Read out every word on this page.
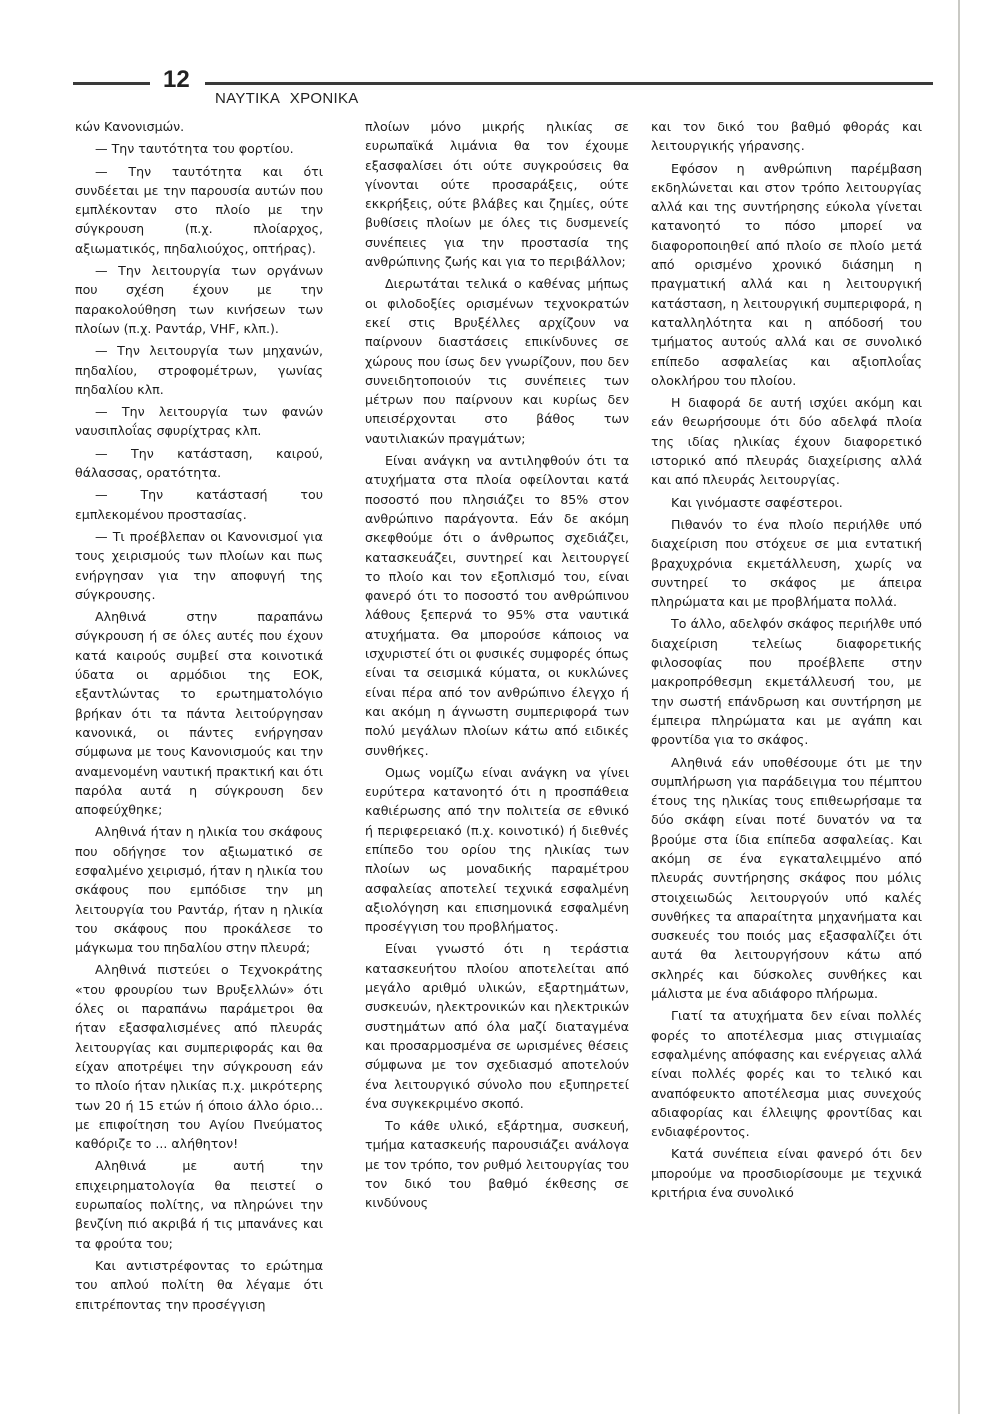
12
ΝΑΥΤΙΚΑ ΧΡΟΝΙΚΑ

κών Κανονισμών.

— Την ταυτότητα του φορτίου.

— Την ταυτότητα και ότι συνδέεται με την παρουσία αυτών που εμπλέκονταν στο πλοίο με την σύγκρουση (π.χ. πλοίαρχος, αξιωματικός, πηδαλιούχος, οπτήρας).

— Την λειτουργία των οργάνων που σχέση έχουν με την παρακολούθηση των κινήσεων των πλοίων (π.χ. Ραντάρ, VHF, κλπ.).

— Την λειτουργία των μηχανών, πηδαλίου, στροφομέτρων, γωνίας πηδαλίου κλπ.

— Την λειτουργία των φανών ναυσιπλοΐας σφυρίχτρας κλπ.

— Την κατάσταση, καιρού, θάλασσας, ορατότητα.

— Την κατάστασή του εμπλεκομένου προστασίας.

— Τι προέβλεπαν οι Κανονισμοί για τους χειρισμούς των πλοίων και πως ενήργησαν για την αποφυγή της σύγκρουσης.

Αληθινά στην παραπάνω σύγκρουση ή σε όλες αυτές που έχουν κατά καιρούς συμβεί στα κοινοτικά ύδατα οι αρμόδιοι της ΕΟΚ, εξαντλώντας το ερωτηματολόγιο βρήκαν ότι τα πάντα λειτούργησαν κανονικά, οι πάντες ενήργησαν σύμφωνα με τους Κανονισμούς και την αναμενομένη ναυτική πρακτική και ότι παρόλα αυτά η σύγκρουση δεν αποφεύχθηκε;

Αληθινά ήταν η ηλικία του σκάφους που οδήγησε τον αξιωματικό σε εσφαλμένο χειρισμό, ήταν η ηλικία του σκάφους που εμπόδισε την μη λειτουργία του Ραντάρ, ήταν η ηλικία του σκάφους που προκάλεσε το μάγκωμα του πηδαλίου στην πλευρά;

Αληθινά πιστεύει ο Τεχνοκράτης «του φρουρίου των Βρυξελλών» ότι όλες οι παραπάνω παράμετροι θα ήταν εξασφαλισμένες από πλευράς λειτουργίας και συμπεριφοράς και θα είχαν αποτρέψει την σύγκρουση εάν το πλοίο ήταν ηλικίας π.χ. μικρότερης των 20 ή 15 ετών ή όποιο άλλο όριο... με επιφοίτηση του Αγίου Πνεύματος καθόριζε το ... αλήθητον!

Αληθινά με αυτή την επιχειρηματολογία θα πειστεί ο ευρωπαίος πολίτης, να πληρώνει την βενζίνη πιό ακριβά ή τις μπανάνες και τα φρούτα του;

Και αντιστρέφοντας το ερώτημα του απλού πολίτη θα λέγαμε ότι επιτρέποντας την προσέγγιση

πλοίων μόνο μικρής ηλικίας σε ευρωπαϊκά λιμάνια θα τον έχουμε εξασφαλίσει ότι ούτε συγκρούσεις θα γίνονται ούτε προσαράξεις, ούτε εκκρήξεις, ούτε βλάβες και ζημίες, ούτε βυθίσεις πλοίων με όλες τις δυσμενείς συνέπειες για την προστασία της ανθρώπινης ζωής και για το περιβάλλον;

Διερωτάται τελικά ο καθένας μήπως οι φιλοδοξίες ορισμένων τεχνοκρατών εκεί στις Βρυξέλλες αρχίζουν να παίρνουν διαστάσεις επικίνδυνες σε χώρους που ίσως δεν γνωρίζουν, που δεν συνειδητοποιούν τις συνέπειες των μέτρων που παίρνουν και κυρίως δεν υπεισέρχονται στο βάθος των ναυτιλιακών πραγμάτων;

Είναι ανάγκη να αντιληφθούν ότι τα ατυχήματα στα πλοία οφείλονται κατά ποσοστό που πλησιάζει το 85% στον ανθρώπινο παράγοντα. Εάν δε ακόμη σκεφθούμε ότι ο άνθρωπος σχεδιάζει, κατασκευάζει, συντηρεί και λειτουργεί το πλοίο και τον εξοπλισμό του, είναι φανερό ότι το ποσοστό του ανθρώπινου λάθους ξεπερνά το 95% στα ναυτικά ατυχήματα. Θα μπορούσε κάποιος να ισχυριστεί ότι οι φυσικές συμφορές όπως είναι τα σεισμικά κύματα, οι κυκλώνες είναι πέρα από τον ανθρώπινο έλεγχο ή και ακόμη η άγνωστη συμπεριφορά των πολύ μεγάλων πλοίων κάτω από ειδικές συνθήκες.

Ομως νομίζω είναι ανάγκη να γίνει ευρύτερα κατανοητό ότι η προσπάθεια καθιέρωσης από την πολιτεία σε εθνικό ή περιφερειακό (π.χ. κοινοτικό) ή διεθνές επίπεδο του ορίου της ηλικίας των πλοίων ως μοναδικής παραμέτρου ασφαλείας αποτελεί τεχνικά εσφαλμένη αξιολόγηση και επισημονικά εσφαλμένη προσέγγιση του προβλήματος.

Είναι γνωστό ότι η τεράστια κατασκευήτου πλοίου αποτελείται από μεγάλο αριθμό υλικών, εξαρτημάτων, συσκευών, ηλεκτρονικών και ηλεκτρικών συστημάτων από όλα μαζί διαταγμένα και προσαρμοσμένα σε ωρισμένες θέσεις σύμφωνα με τον σχεδιασμό αποτελούν ένα λειτουργικό σύνολο που εξυπηρετεί ένα συγκεκριμένο σκοπό.

Το κάθε υλικό, εξάρτημα, συσκευή, τμήμα κατασκευής παρουσιάζει ανάλογα με τον τρόπο, τον ρυθμό λειτουργίας του τον δικό του βαθμό έκθεσης σε κινδύνους

και τον δικό του βαθμό φθοράς και λειτουργικής γήρανσης.

Εφόσον η ανθρώπινη παρέμβαση εκδηλώνεται και στον τρόπο λειτουργίας αλλά και της συντήρησης εύκολα γίνεται κατανοητό το πόσο μπορεί να διαφοροποιηθεί από πλοίο σε πλοίο μετά από ορισμένο χρονικό διάσημη η πραγματική αλλά και η λειτουργική κατάσταση, η λειτουργική συμπεριφορά, η καταλληλότητα και η απόδοσή του τμήματος αυτούς αλλά και σε συνολικό επίπεδο ασφαλείας και αξιοπλοΐας ολοκλήρου του πλοίου.

Η διαφορά δε αυτή ισχύει ακόμη και εάν θεωρήσουμε ότι δύο αδελφά πλοία της ιδίας ηλικίας έχουν διαφορετικό ιστορικό από πλευράς διαχείρισης αλλά και από πλευράς λειτουργίας.

Και γινόμαστε σαφέστεροι.

Πιθανόν το ένα πλοίο περιήλθε υπό διαχείριση που στόχευε σε μια εντατική βραχυχρόνια εκμετάλλευση, χωρίς να συντηρεί το σκάφος με άπειρα πληρώματα και με προβλήματα πολλά.

Το άλλο, αδελφόν σκάφος περιήλθε υπό διαχείριση τελείως διαφορετικής φιλοσοφίας που προέβλεπε στην μακροπρόθεσμη εκμετάλλευσή του, με την σωστή επάνδρωση και συντήρηση με έμπειρα πληρώματα και με αγάπη και φροντίδα για το σκάφος.

Αληθινά εάν υποθέσουμε ότι με την συμπλήρωση για παράδειγμα του πέμπτου έτους της ηλικίας τους επιθεωρήσαμε τα δύο σκάφη είναι ποτέ δυνατόν να τα βρούμε στα ίδια επίπεδα ασφαλείας. Και ακόμη σε ένα εγκαταλειμμένο από πλευράς συντήρησης σκάφος που μόλις στοιχειωδώς λειτουργούν υπό καλές συνθήκες τα απαραίτητα μηχανήματα και συσκευές του ποιός μας εξασφαλίζει ότι αυτά θα λειτουργήσουν κάτω από σκληρές και δύσκολες συνθήκες και μάλιστα με ένα αδιάφορο πλήρωμα.

Γιατί τα ατυχήματα δεν είναι πολλές φορές το αποτέλεσμα μιας στιγμιαίας εσφαλμένης απόφασης και ενέργειας αλλά είναι πολλές φορές και το τελικό και αναπόφευκτο αποτέλεσμα μιας συνεχούς αδιαφορίας και έλλειψης φροντίδας και ενδιαφέροντος.

Κατά συνέπεια είναι φανερό ότι δεν μπορούμε να προσδιορίσουμε με τεχνικά κριτήρια ένα συνολικό
